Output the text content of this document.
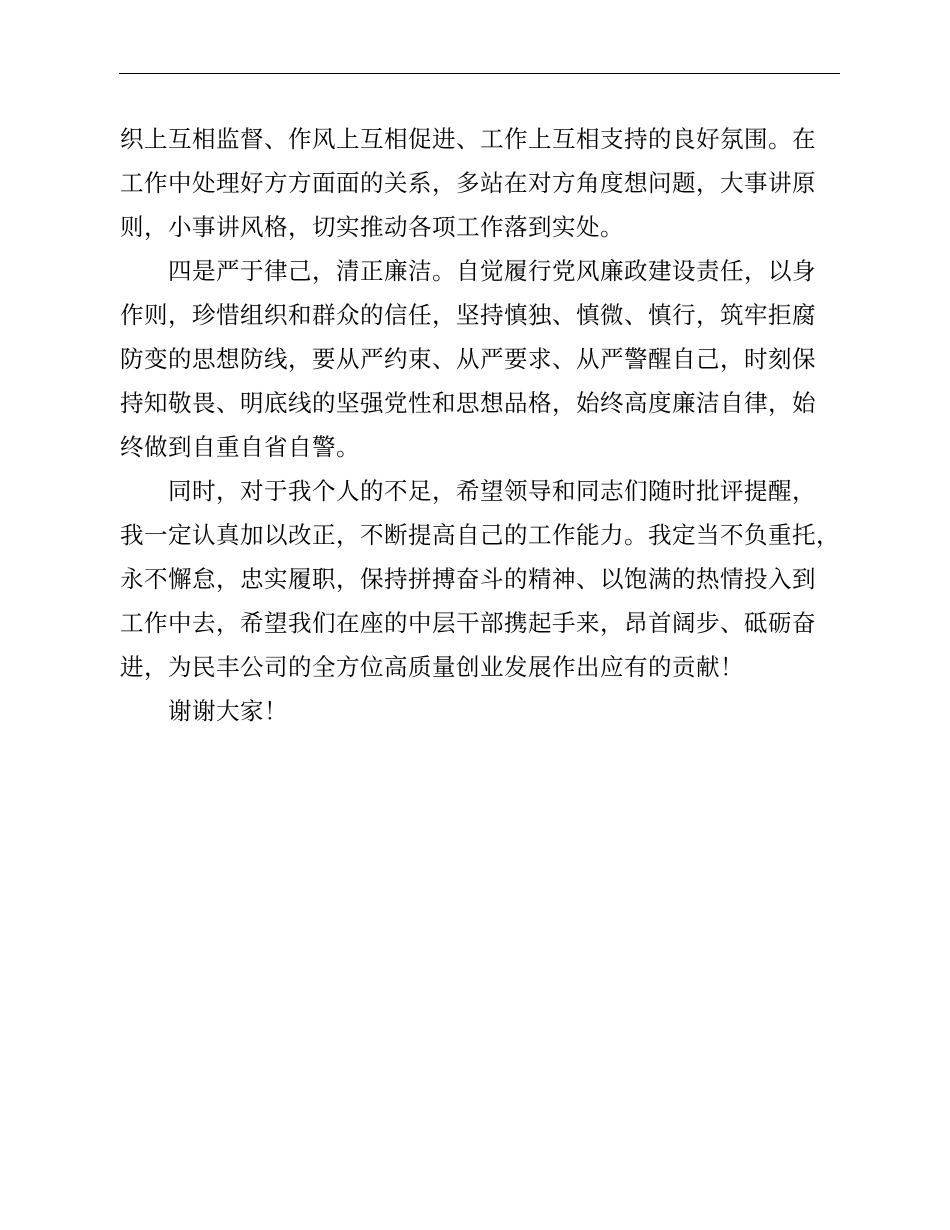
织上互相监督、作风上互相促进、工作上互相支持的良好氛围。在
工作中处理好方方面面的关系，多站在对方角度想问题，大事讲原
则，小事讲风格，切实推动各项工作落到实处。
四是严于律己，清正廉洁。自觉履行党风廉政建设责任，以身
作则，珍惜组织和群众的信任，坚持慎独、慎微、慎行，筑牢拒腐
防变的思想防线，要从严约束、从严要求、从严警醒自己，时刻保
持知敬畏、明底线的坚强党性和思想品格，始终高度廉洁自律，始
终做到自重自省自警。
同时，对于我个人的不足，希望领导和同志们随时批评提醒，
我一定认真加以改正，不断提高自己的工作能力。我定当不负重托，
永不懈怠，忠实履职，保持拼搏奋斗的精神、以饱满的热情投入到
工作中去，希望我们在座的中层干部携起手来，昂首阔步、砥砺奋
进，为民丰公司的全方位高质量创业发展作出应有的贡献！
谢谢大家！
